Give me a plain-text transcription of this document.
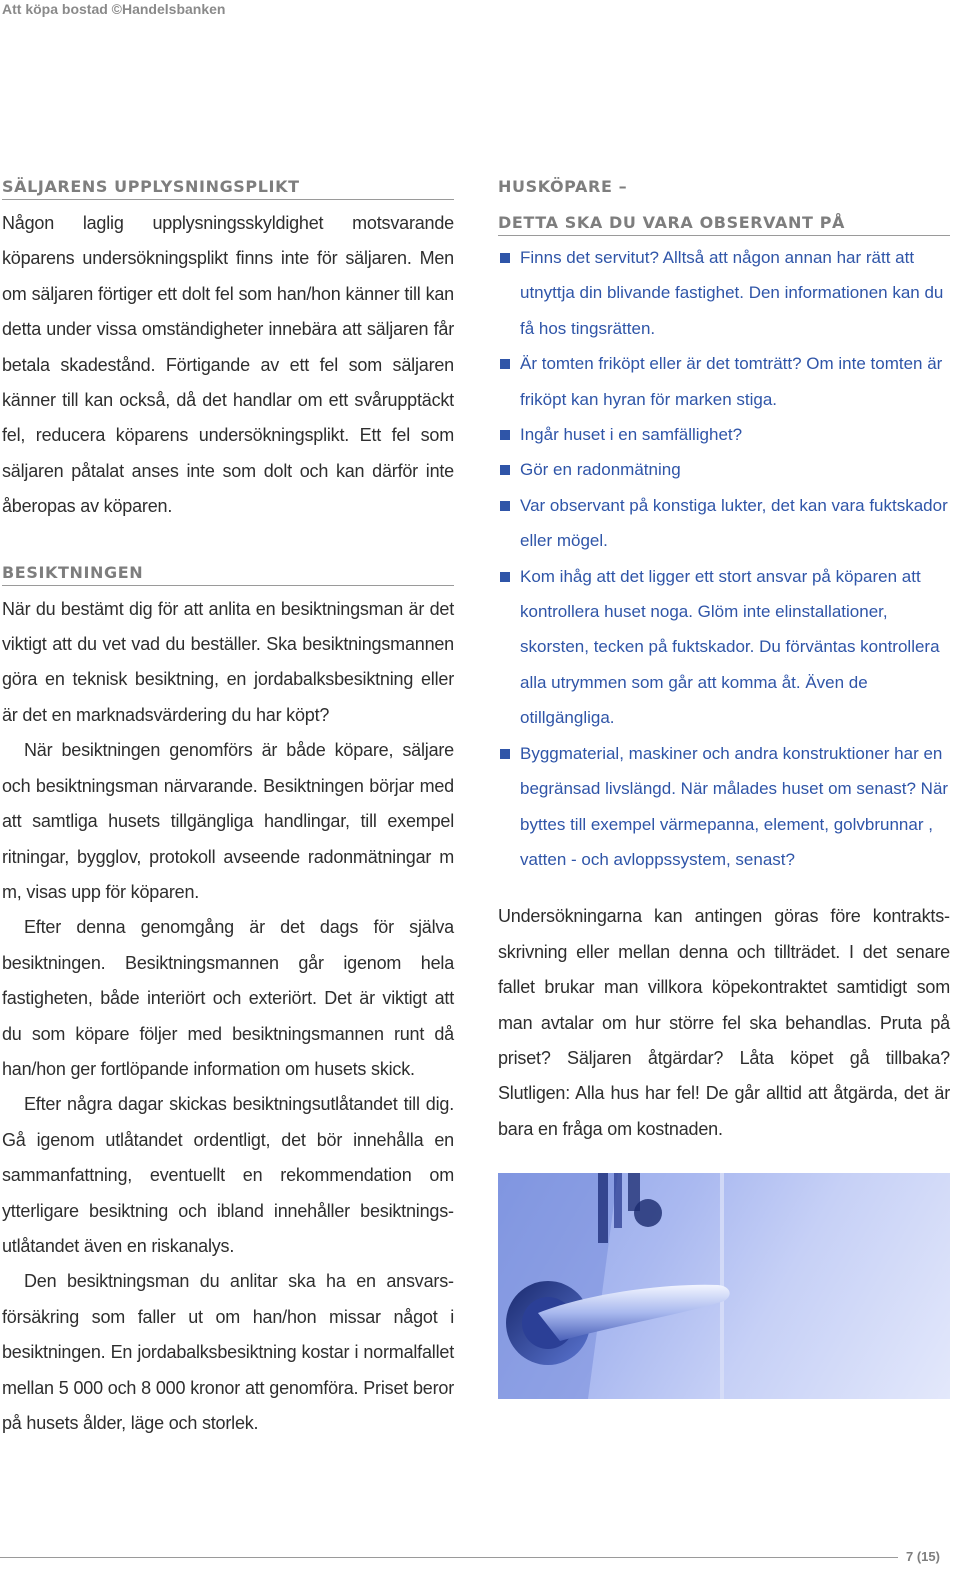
Att köpa bostad ©Handelsbanken
SÄLJARENS UPPLYSNINGSPLIKT

Någon laglig upplysningsskyldighet motsvarande köparens undersökningsplikt finns inte för säljaren. Men om säljaren förtiger ett dolt fel som han/hon känner till kan detta under vissa omständigheter innebära att säljaren får betala skadestånd. Förtigande av ett fel som säljaren känner till kan också, då det handlar om ett svårupptäckt fel, reducera köparens undersökningsplikt. Ett fel som säljaren påtalat anses inte som dolt och kan därför inte åberopas av köparen.

BESIKTNINGEN

När du bestämt dig för att anlita en besiktningsman är det viktigt att du vet vad du beställer. Ska besiktningsmannen göra en teknisk besiktning, en jordabalksbesiktning eller är det en marknadsvärdering du har köpt?

När besiktningen genomförs är både köpare, säljare och besiktningsman närvarande. Besiktningen börjar med att samtliga husets tillgängliga handlingar, till exempel ritningar, bygglov, protokoll avseende radonmätningar m m, visas upp för köparen.

Efter denna genomgång är det dags för själva besiktningen. Besiktningsmannen går igenom hela fastigheten, både interiört och exteriört. Det är viktigt att du som köpare följer med besiktningsmannen runt då han/hon ger fortlöpande information om husets skick.

Efter några dagar skickas besiktningsutlåtandet till dig. Gå igenom utlåtandet ordentligt, det bör innehålla en sammanfattning, eventuellt en rekommendation om ytterligare besiktning och ibland innehåller besiktningsutlåtandet även en riskanalys.

Den besiktningsman du anlitar ska ha en ansvarsförsäkring som faller ut om han/hon missar något i besiktningen. En jordabalksbesiktning kostar i normalfallet mellan 5 000 och 8 000 kronor att genomföra. Priset beror på husets ålder, läge och storlek.

HUSKÖPARE –
DETTA SKA DU VARA OBSERVANT PÅ
Finns det servitut? Alltså att någon annan har rätt att utnyttja din blivande fastighet. Den informationen kan du få hos tingsrätten.
Är tomten friköpt eller är det tomträtt? Om inte tomten är friköpt kan hyran för marken stiga.
Ingår huset i en samfällighet?
Gör en radonmätning
Var observant på konstiga lukter, det kan vara fuktskador eller mögel.
Kom ihåg att det ligger ett stort ansvar på köparen att kontrollera huset noga. Glöm inte elinstallationer, skorsten, tecken på fuktskador. Du förväntas kontrollera alla utrymmen som går att komma åt. Även de otillgängliga.
Byggmaterial, maskiner och andra konstruktioner har en begränsad livslängd. När målades huset om senast? När byttes till exempel värmepanna, element, golvbrunnar , vatten - och avloppssystem, senast?

Undersökningarna kan antingen göras före kontraktsskrivning eller mellan denna och tillträdet. I det senare fallet brukar man villkora köpekontraktet samtidigt som man avtalar om hur större fel ska behandlas. Pruta på priset? Säljaren åtgärdar? Låta köpet gå tillbaka? Slutligen: Alla hus har fel! De går alltid att åtgärda, det är bara en fråga om kostnaden.

7 (15)
